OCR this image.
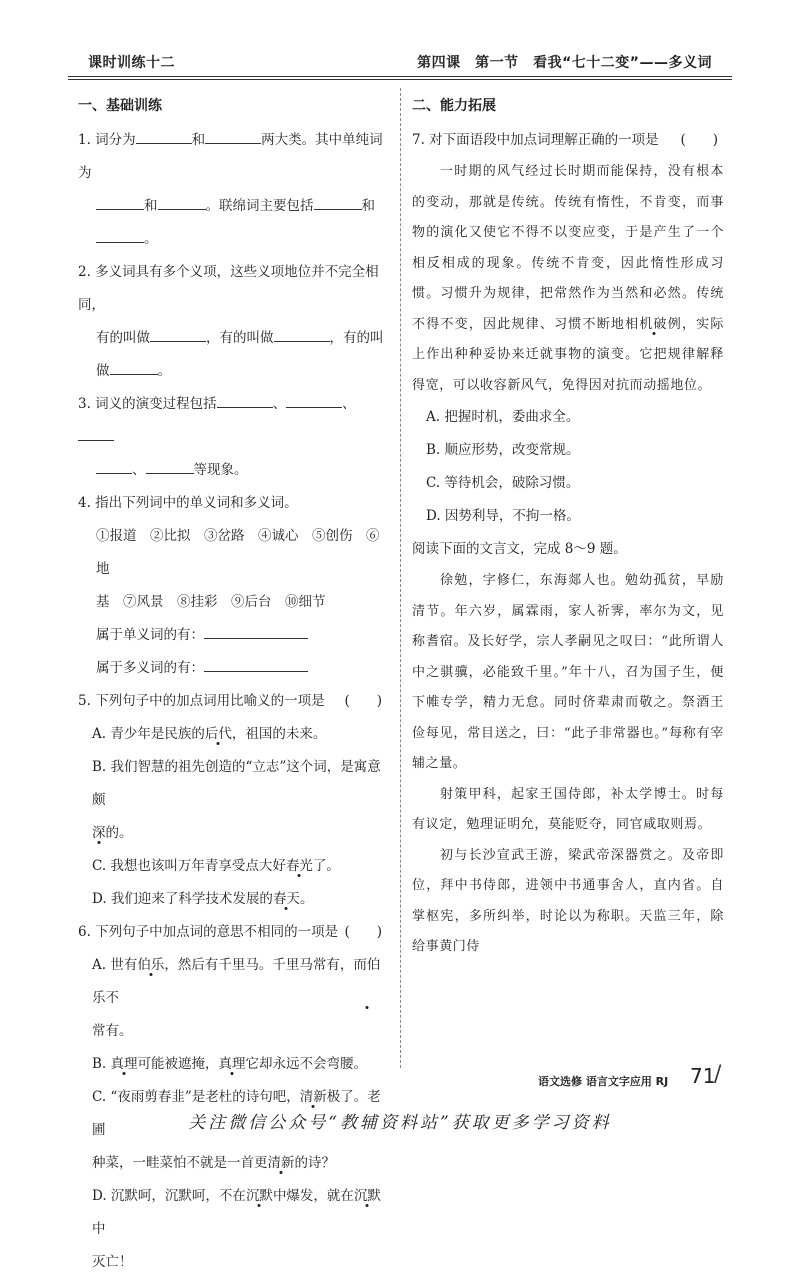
课时训练十二	第四课　第一节　看我“七十二变”——多义词
一、基础训练
1. 词分为	和	两大类。其中单纯词为
和	。联绵词主要包括	和
。
2. 多义词具有多个义项，这些义项地位并不完全相同，
有的叫做	，有的叫做	，有的叫
做	。
3. 词义的演变过程包括	、	、
、	等现象。
4. 指出下列词中的单义词和多义词。
①报道　②比拟　③岔路　④诚心　⑤创伤　⑥地
基　⑦风景　⑧挂彩　⑨后台　⑩细节
属于单义词的有：
属于多义词的有：
5. 下列句子中的加点词用比喻义的一项是 (　　)
A. 青少年是民族的后代，祖国的未来。
B. 我们智慧的祖先创造的“立志”这个词，是寓意颇
深的。
C. 我想也该叫万年青享受点大好春光了。
D. 我们迎来了科学技术发展的春天。
6. 下列句子中加点词的意思不相同的一项是 (　　)
A. 世有伯乐，然后有千里马。千里马常有，而伯乐不
常有。
B. 真理可能被遮掩，真理它却永远不会弯腰。
C. “夜雨剪春韭”是老杜的诗句吧，清新极了。老圃
种菜，一畦菜怕不就是一首更清新的诗？
D. 沉默呵，沉默呵，不在沉默中爆发，就在沉默中
灭亡！
二、能力拓展
7. 对下面语段中加点词理解正确的一项是 (　　)
一时期的风气经过长时期而能保持，没有根本的变动，那就是传统。传统有惰性，不肯变，而事物的演化又使它不得不以变应变，于是产生了一个相反相成的现象。传统不肯变，因此惰性形成习惯。习惯升为规律，把常然作为当然和必然。传统不得不变，因此规律、习惯不断地相机破例，实际上作出种种妥协来迁就事物的演变。它把规律解释得宽，可以收容新风气，免得因对抗而动摇地位。
A. 把握时机，委曲求全。
B. 顺应形势，改变常规。
C. 等待机会，破除习惯。
D. 因势利导，不拘一格。
阅读下面的文言文，完成 8～9 题。
徐勉，字修仁，东海郯人也。勉幼孤贫，早励清节。年六岁，属霖雨，家人祈霁，率尔为文，见称耆宿。及长好学，宗人孝嗣见之叹曰：“此所谓人中之骐骥，必能致千里。”年十八，召为国子生，便下帷专学，精力无怠。同时侪辈肃而敬之。祭酒王俭每见，常目送之，曰：“此子非常器也。”每称有宰辅之量。
射策甲科，起家王国侍郎，补太学博士。时每有议定，勉理证明允，莫能贬夺，同官咸取则焉。
初与长沙宣武王游，梁武帝深器赏之。及帝即位，拜中书侍郎，进领中书通事舍人，直内省。自掌枢宪，多所纠举，时论以为称职。天监三年，除给事黄门侍
语文选修 语言文字应用 RJ 71
/
关注微信公众号“教辅资料站”获取更多学习资料
